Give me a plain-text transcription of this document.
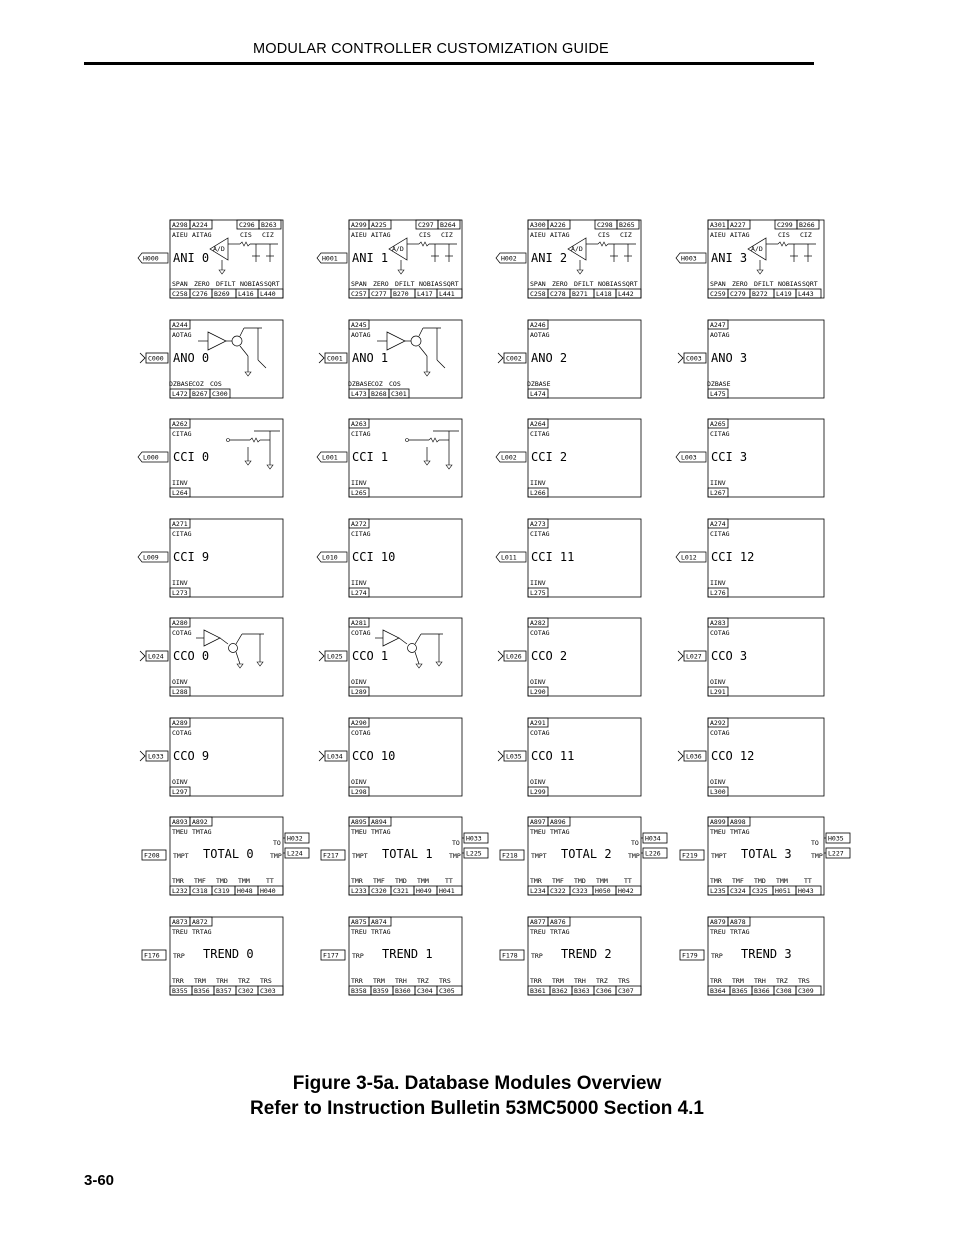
MODULAR CONTROLLER CUSTOMIZATION GUIDE
A298 A224	C296 B263
AIEU AITAG	CIS CIZ
A/D
H000 ANI 0
SPAN ZERO DFILT NOBIAS SQRT
C258 C276 B269 L416 L440
A299 A225	C297 B264
AIEU AITAG	CIS CIZ
A/D
H001 ANI 1
SPAN ZERO DFILT NOBIAS SQRT
C257 C277 B270 L417 L441
A300 A226	C298 B265
AIEU AITAG	CIS CIZ
A/D
H002 ANI 2
SPAN ZERO DFILT NOBIAS SQRT
C258 C278 B271 L418 L442
A301 A227	C299 B266
AIEU AITAG	CIS CIZ
A/D
H003 ANI 3
SPAN ZERO DFILT NOBIAS SQRT
C259 C279 B272 L419 L443
A244
AOTAG
C000 ANO 0
DZBASE COZ COS
L472 B267 C300
A245
AOTAG
C001 ANO 1
DZBASE COZ COS
L473 B268 C301
A246
AOTAG
C002 ANO 2
DZBASE
L474
A247
AOTAG
C003 ANO 3
DZBASE
L475
A262
CITAG
L000 CCI 0
IINV
L264
A263
CITAG
L001 CCI 1
IINV
L265
A264
CITAG
L002 CCI 2
IINV
L266
A265
CITAG
L003 CCI 3
IINV
L267
A271
CITAG
L009 CCI 9
IINV
L273
A272
CITAG
L010 CCI 10
IINV
L274
A273
CITAG
L011 CCI 11
IINV
L275
A274
CITAG
L012 CCI 12
IINV
L276
A280
COTAG
L024 CCO 0
OINV
L288
A281
COTAG
L025 CCO 1
OINV
L289
A282
COTAG
L026 CCO 2
OINV
L290
A283
COTAG
L027 CCO 3
OINV
L291
A289
COTAG
L033 CCO 9
OINV
L297
A290
COTAG
L034 CCO 10
OINV
L298
A291
COTAG
L035 CCO 11
OINV
L299
A292
COTAG
L036 CCO 12
OINV
L300
A893 A892
TMEU TMTAG
TO
H032
L224
F208 TMPT TOTAL 0	TMP
TMR TMF TMD TMM	TT
L232 C318 C319 H048 H040
A895 A894
TMEU TMTAG
TO
H033
L225
F217 TMPT TOTAL 1	TMP
TMR TMF TMD TMM	TT
L233 C320 C321 H049 H041
A897 A896
TMEU TMTAG
TO
H034
L226
F218 TMPT TOTAL 2	TMP
TMR TMF TMD TMM	TT
L234 C322 C323 H050 H042
A899 A898
TMEU TMTAG
TO
H035
L227
F219 TMPT TOTAL 3	TMP
TMR TMF TMD TMM	TT
L235 C324 C325 H051 H043
A873 A872
TREU TRTAG
F176 TRP TREND 0
TRR TRM TRH TRZ TRS
B355 B356 B357 C302 C303
A875 A874
TREU TRTAG
F177 TRP TREND 1
TRR TRM TRH TRZ TRS
B358 B359 B360 C304 C305
A877 A876
TREU TRTAG
F178 TRP TREND 2
TRR TRM TRH TRZ TRS
B361 B362 B363 C306 C307
A879 A878
TREU TRTAG
F179 TRP TREND 3
TRR TRM TRH TRZ TRS
B364 B365 B366 C308 C309
Figure 3-5a. Database Modules Overview
Refer to Instruction Bulletin 53MC5000 Section 4.1
3-60
